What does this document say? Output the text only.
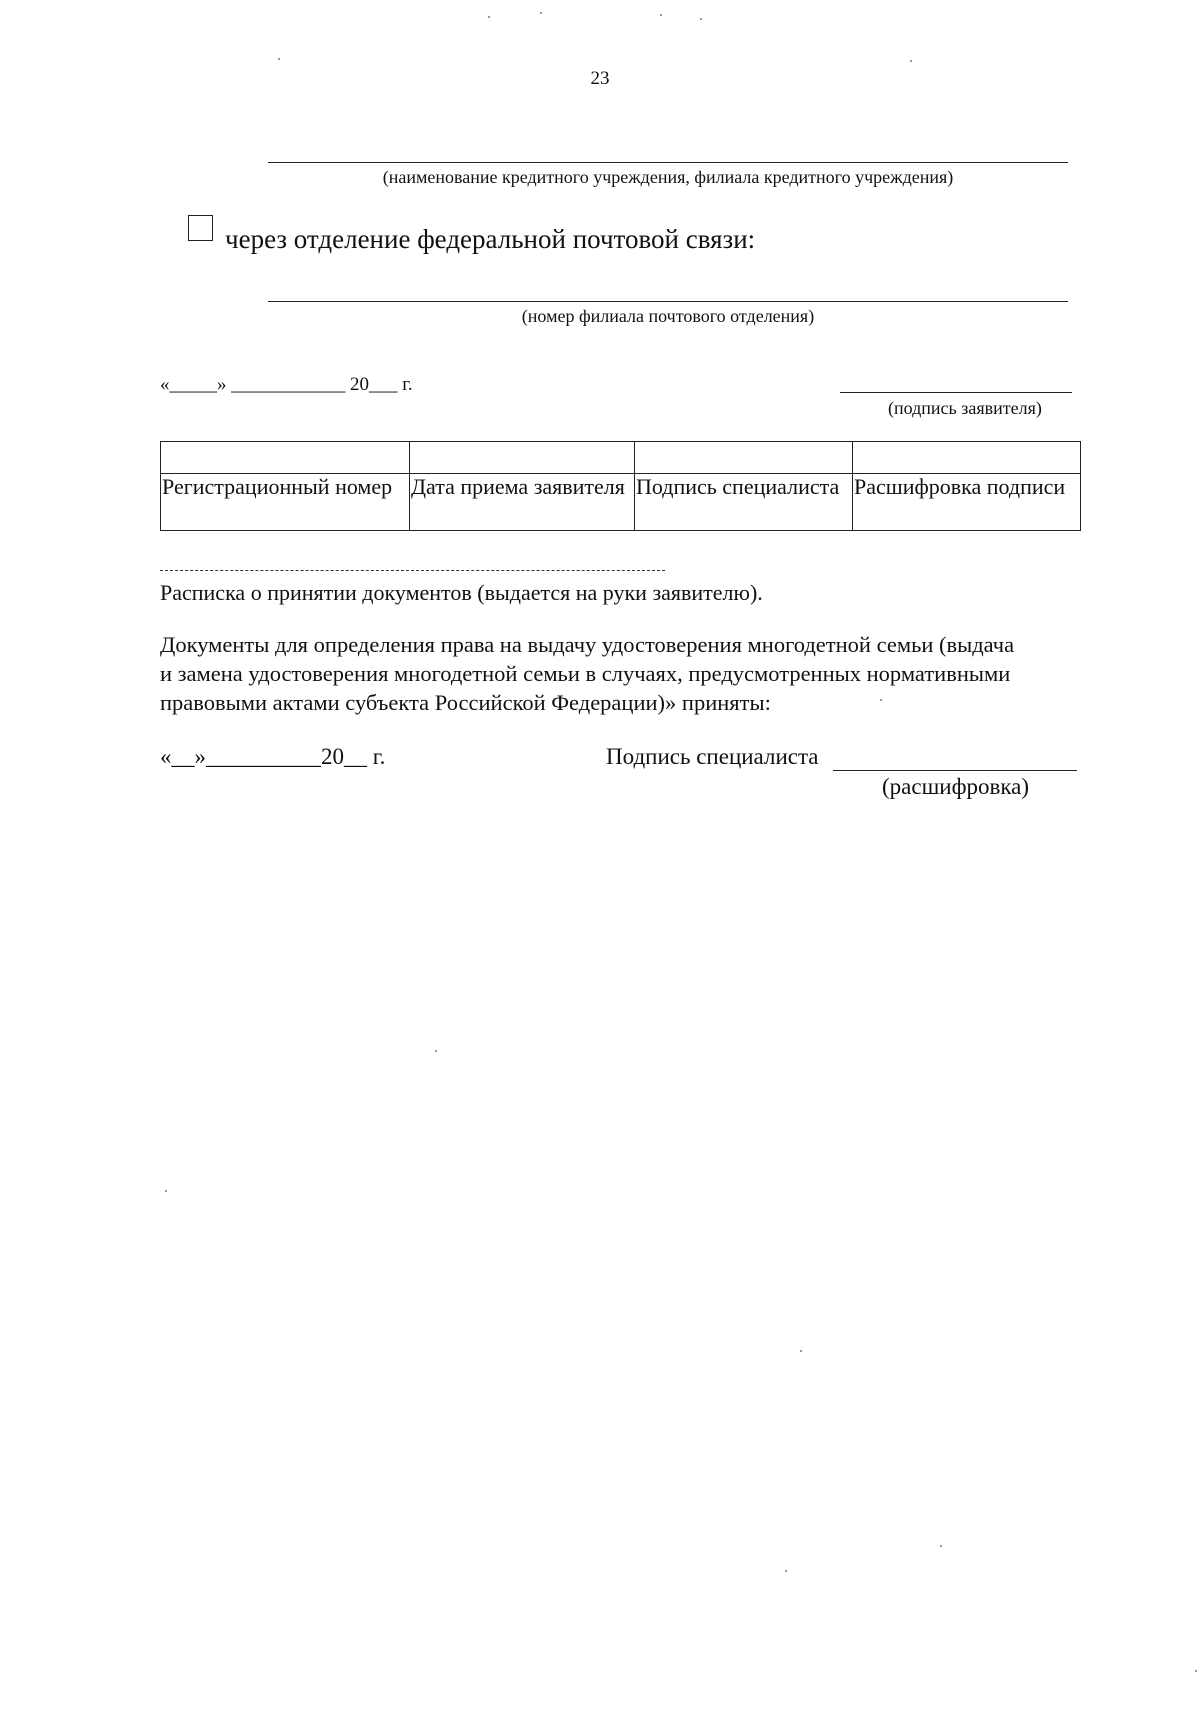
23
(наименование кредитного учреждения, филиала кредитного учреждения)
через отделение федеральной почтовой связи:
(номер филиала почтового отделения)
«_____» ____________ 20___ г.
(подпись заявителя)

Регистрационный номер	Дата приема заявителя	Подпись специалиста	Расшифровка подписи
Расписка о принятии документов (выдается на руки заявителю).
Документы для определения права на выдачу удостоверения многодетной семьи (выдача
и замена удостоверения многодетной семьи в случаях, предусмотренных нормативными
правовыми актами субъекта Российской Федерации)» приняты:
«__»__________20__ г.	Подпись специалиста
(расшифровка)
